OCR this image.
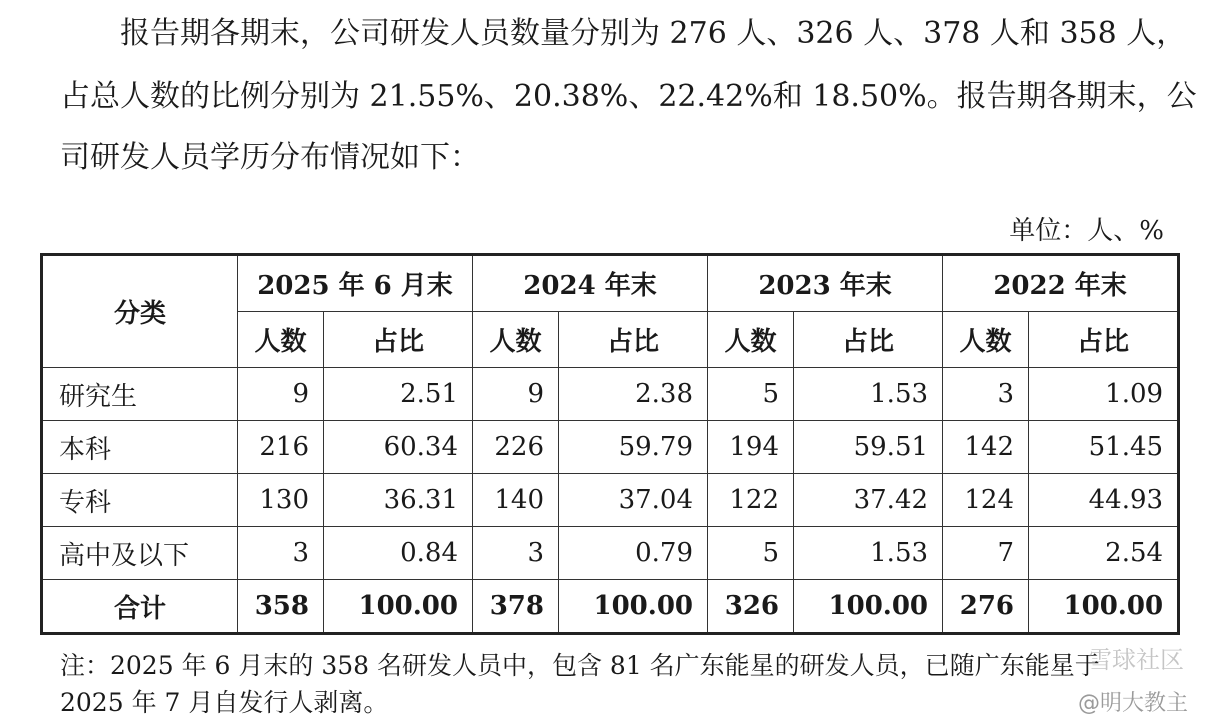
报告期各期末，公司研发人员数量分别为 276 人、326 人、378 人和 358 人，
占总人数的比例分别为 21.55%、20.38%、22.42%和 18.50%。报告期各期末，公
司研发人员学历分布情况如下：
单位：人、%
分类	2025 年 6 月末		2024 年末		2023 年末		2022 年末	
	人数	占比	人数	占比	人数	占比	人数	占比
研究生	9	2.51	9	2.38	5	1.53	3	1.09
本科	216	60.34	226	59.79	194	59.51	142	51.45
专科	130	36.31	140	37.04	122	37.42	124	44.93
高中及以下	3	0.84	3	0.79	5	1.53	7	2.54
合计	358	100.00	378	100.00	326	100.00	276	100.00
注：2025 年 6 月末的 358 名研发人员中，包含 81 名广东能星的研发人员，已随广东能星于
2025 年 7 月自发行人剥离。
雪球社区
@明大教主
